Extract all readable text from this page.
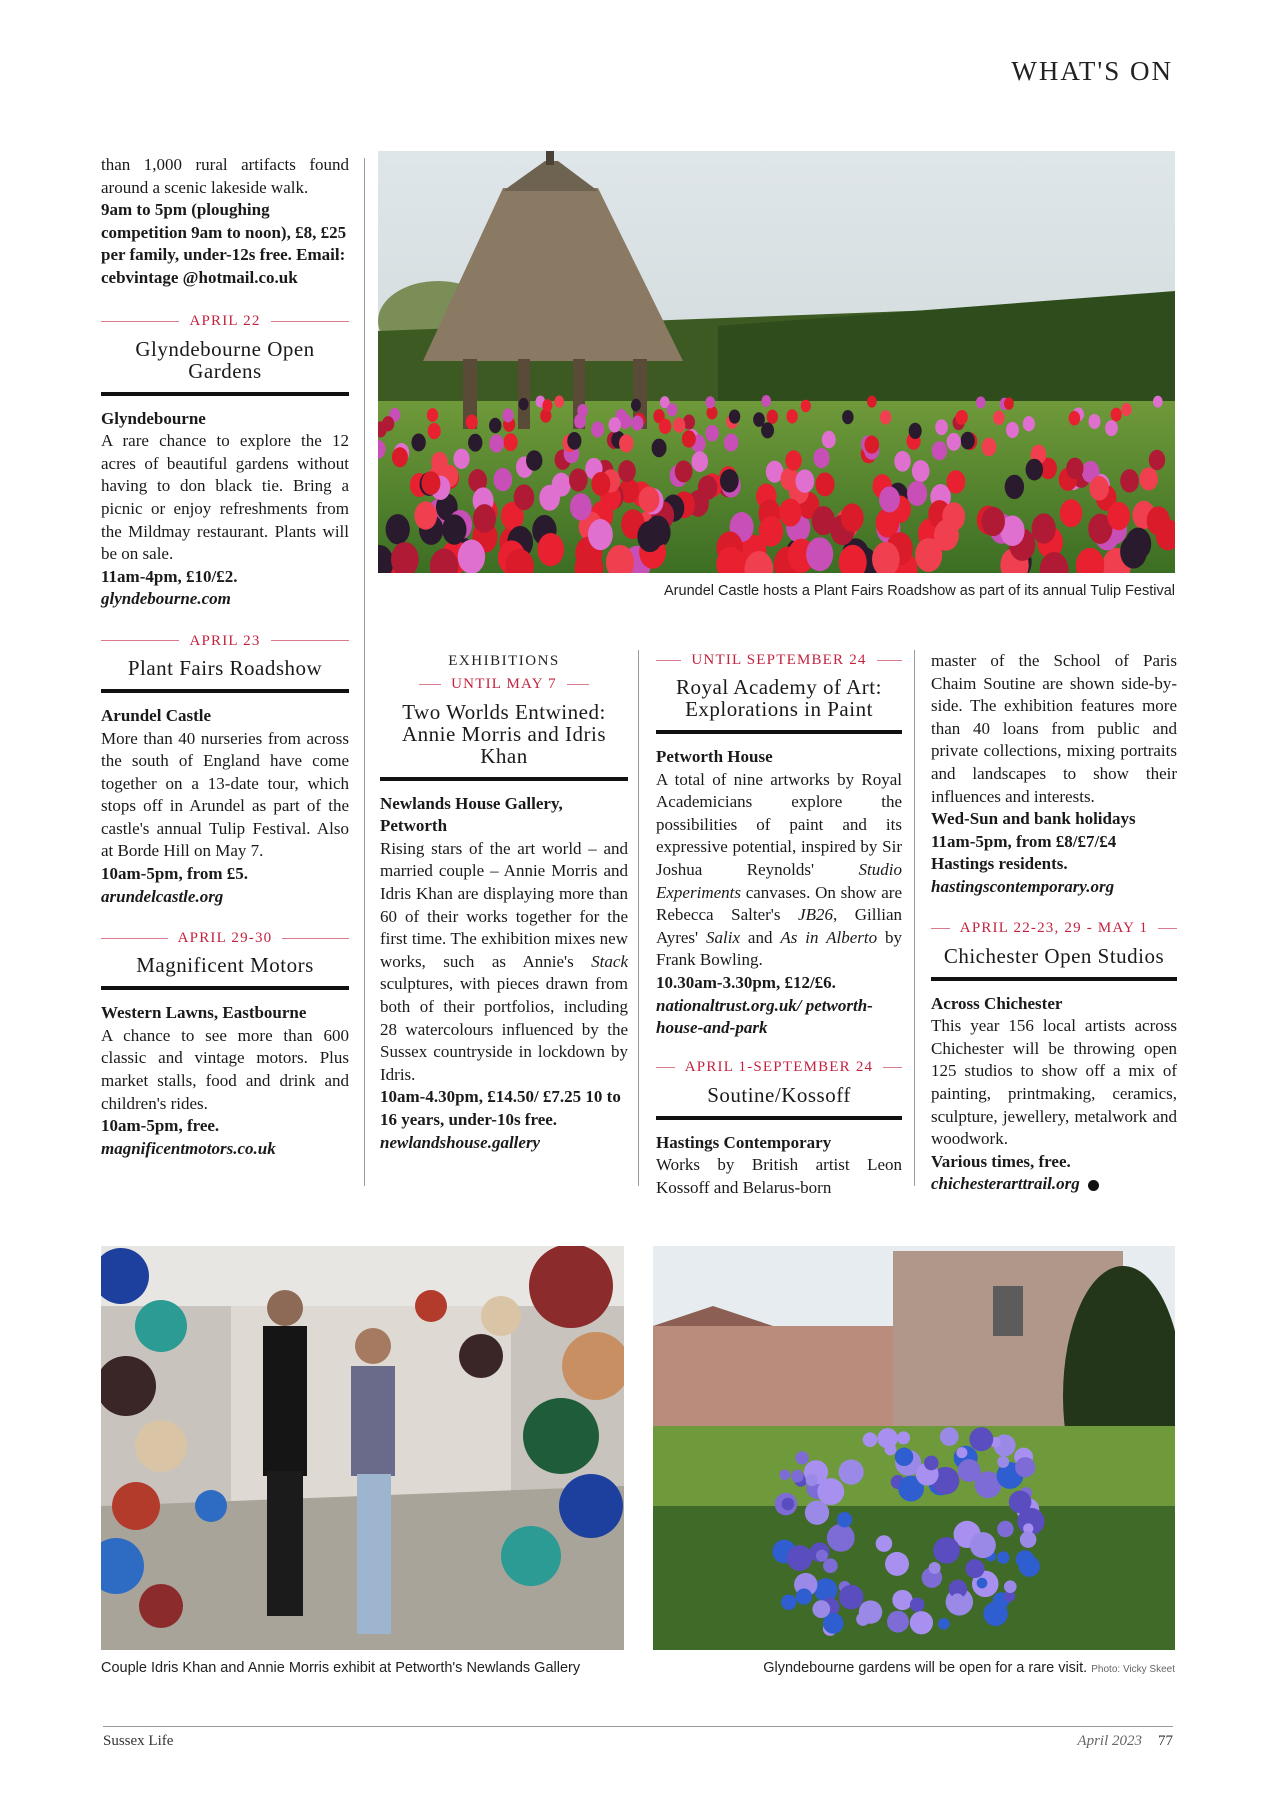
WHAT'S ON
Arundel Castle hosts a Plant Fairs Roadshow as part of its annual Tulip Festival

than 1,000 rural artifacts found around a scenic lakeside walk.

9am to 5pm (ploughing competition 9am to noon), £8, £25 per family, under-12s free. Email: cebvintage @hotmail.co.uk

APRIL 22
Glyndebourne Open Gardens

Glyndebourne

A rare chance to explore the 12 acres of beautiful gardens without having to don black tie. Bring a picnic or enjoy refreshments from the Mildmay restaurant. Plants will be on sale.

11am-4pm, £10/£2.

glyndebourne.com

APRIL 23
Plant Fairs Roadshow

Arundel Castle

More than 40 nurseries from across the south of England have come together on a 13-date tour, which stops off in Arundel as part of the castle's annual Tulip Festival. Also at Borde Hill on May 7.

10am-5pm, from £5.

arundelcastle.org

APRIL 29-30
Magnificent Motors

Western Lawns, Eastbourne

A chance to see more than 600 classic and vintage motors. Plus market stalls, food and drink and children's rides.

10am-5pm, free.

magnificentmotors.co.uk

EXHIBITIONS
UNTIL MAY 7
Two Worlds Entwined: Annie Morris and Idris Khan

Newlands House Gallery, Petworth

Rising stars of the art world – and married couple – Annie Morris and Idris Khan are displaying more than 60 of their works together for the first time. The exhibition mixes new works, such as Annie's Stack sculptures, with pieces drawn from both of their portfolios, including 28 watercolours influenced by the Sussex countryside in lockdown by Idris.

10am-4.30pm, £14.50/ £7.25 10 to 16 years, under-10s free.

newlandshouse.gallery

UNTIL SEPTEMBER 24
Royal Academy of Art: Explorations in Paint

Petworth House

A total of nine artworks by Royal Academicians explore the possibilities of paint and its expressive potential, inspired by Sir Joshua Reynolds' Studio Experiments canvases. On show are Rebecca Salter's JB26, Gillian Ayres' Salix and As in Alberto by Frank Bowling.

10.30am-3.30pm, £12/£6.

nationaltrust.org.uk/ petworth-house-and-park

APRIL 1-SEPTEMBER 24
Soutine/Kossoff

Hastings Contemporary

Works by British artist Leon Kossoff and Belarus-born

master of the School of Paris Chaim Soutine are shown side-by-side. The exhibition features more than 40 loans from public and private collections, mixing portraits and landscapes to show their influences and interests.

Wed-Sun and bank holidays 11am-5pm, from £8/£7/£4 Hastings residents.

hastingscontemporary.org

APRIL 22-23, 29 - MAY 1
Chichester Open Studios

Across Chichester

This year 156 local artists across Chichester will be throwing open 125 studios to show off a mix of painting, printmaking, ceramics, sculpture, jewellery, metalwork and woodwork.

Various times, free.

chichesterarttrail.org

Couple Idris Khan and Annie Morris exhibit at Petworth's Newlands Gallery	Glyndebourne gardens will be open for a rare visit. Photo: Vicky Skeet
Sussex Life	April 2023 77
